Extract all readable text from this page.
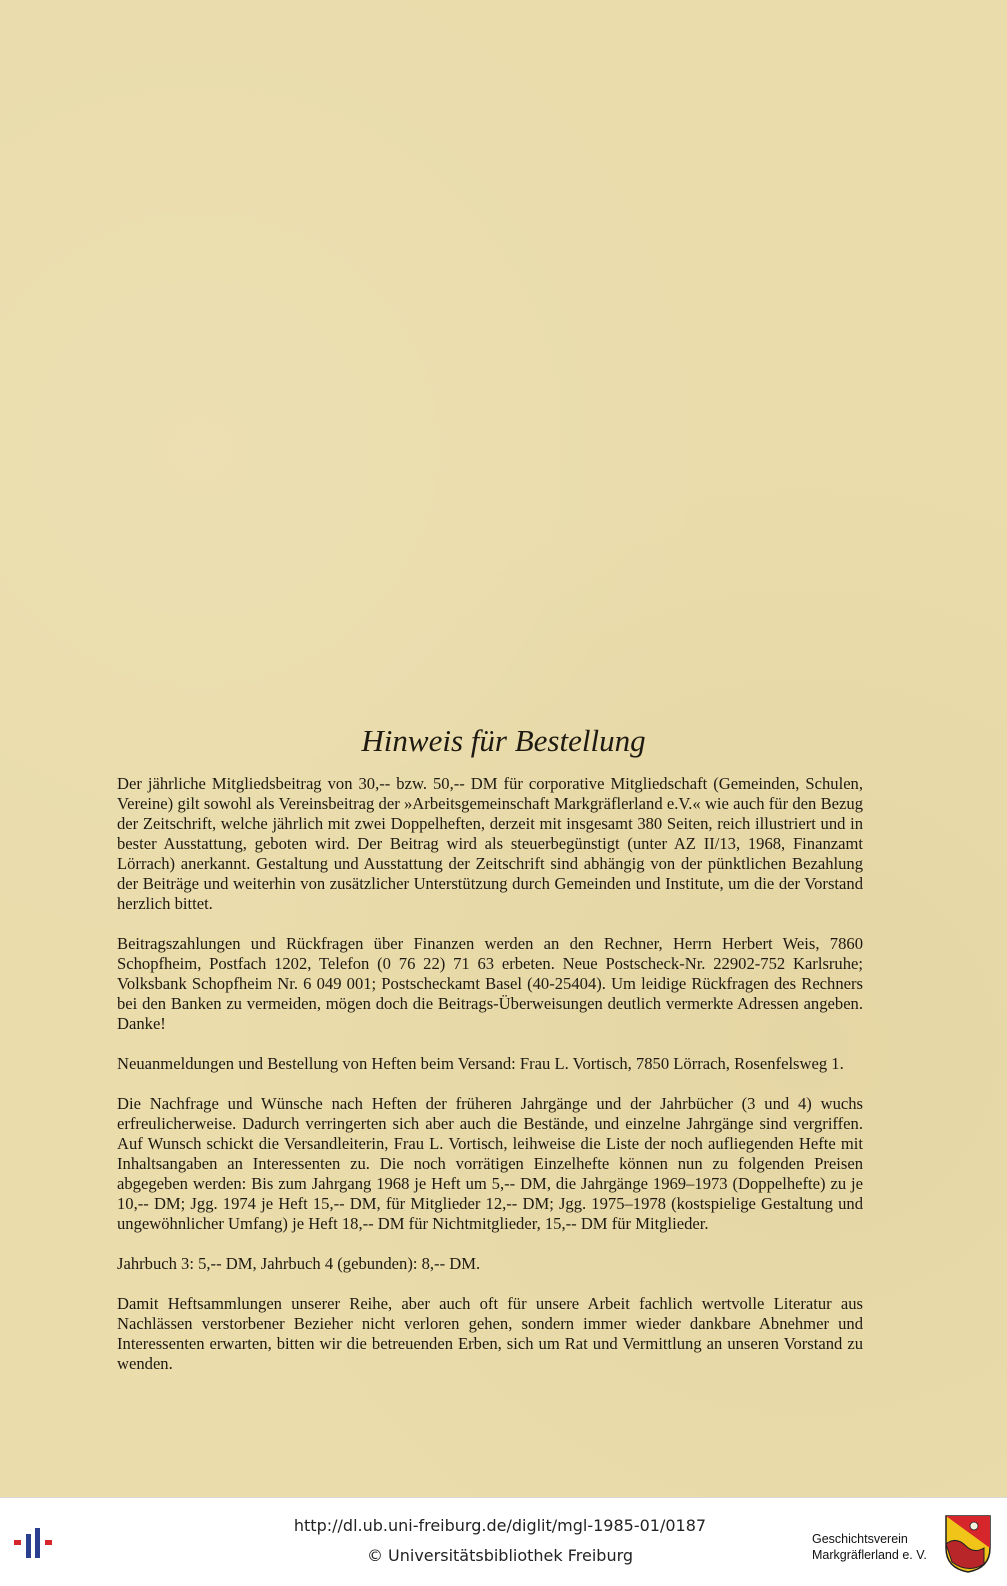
Hinweis für Bestellung

Der jährliche Mitgliedsbeitrag von 30,-- bzw. 50,-- DM für corporative Mitgliedschaft (Gemeinden, Schulen, Vereine) gilt sowohl als Vereinsbeitrag der »Arbeitsgemeinschaft Markgräflerland e.V.« wie auch für den Bezug der Zeitschrift, welche jährlich mit zwei Doppelheften, derzeit mit insgesamt 380 Seiten, reich illustriert und in bester Ausstattung, geboten wird. Der Beitrag wird als steuerbegünstigt (unter AZ II/13, 1968, Finanzamt Lörrach) anerkannt. Gestaltung und Ausstattung der Zeitschrift sind abhängig von der pünktlichen Bezahlung der Beiträge und weiterhin von zusätzlicher Unterstützung durch Gemeinden und Institute, um die der Vorstand herzlich bittet.

Beitragszahlungen und Rückfragen über Finanzen werden an den Rechner, Herrn Herbert Weis, 7860 Schopfheim, Postfach 1202, Telefon (0 76 22) 71 63 erbeten. Neue Postscheck-Nr. 22902-752 Karlsruhe; Volksbank Schopfheim Nr. 6 049 001; Postscheckamt Basel (40-25404). Um leidige Rückfragen des Rechners bei den Banken zu vermeiden, mögen doch die Beitrags-Überweisungen deutlich vermerkte Adressen angeben. Danke!

Neuanmeldungen und Bestellung von Heften beim Versand: Frau L. Vortisch, 7850 Lörrach, Rosenfelsweg 1.

Die Nachfrage und Wünsche nach Heften der früheren Jahrgänge und der Jahrbücher (3 und 4) wuchs erfreulicherweise. Dadurch verringerten sich aber auch die Bestände, und einzelne Jahrgänge sind vergriffen. Auf Wunsch schickt die Versandleiterin, Frau L. Vortisch, leihweise die Liste der noch aufliegenden Hefte mit Inhaltsangaben an Interessenten zu. Die noch vorrätigen Einzelhefte können nun zu folgenden Preisen abgegeben werden: Bis zum Jahrgang 1968 je Heft um 5,-- DM, die Jahrgänge 1969–1973 (Doppelhefte) zu je 10,-- DM; Jgg. 1974 je Heft 15,-- DM, für Mitglieder 12,-- DM; Jgg. 1975–1978 (kostspielige Gestaltung und ungewöhnlicher Umfang) je Heft 18,-- DM für Nichtmitglieder, 15,-- DM für Mitglieder.

Jahrbuch 3: 5,-- DM, Jahrbuch 4 (gebunden): 8,-- DM.

Damit Heftsammlungen unserer Reihe, aber auch oft für unsere Arbeit fachlich wertvolle Literatur aus Nachlässen verstorbener Bezieher nicht verloren gehen, sondern immer wieder dankbare Abnehmer und Interessenten erwarten, bitten wir die betreuenden Erben, sich um Rat und Vermittlung an unseren Vorstand zu wenden.

http://dl.ub.uni-freiburg.de/diglit/mgl-1985-01/0187
© Universitätsbibliothek Freiburg
Geschichtsverein
Markgräflerland e. V.
